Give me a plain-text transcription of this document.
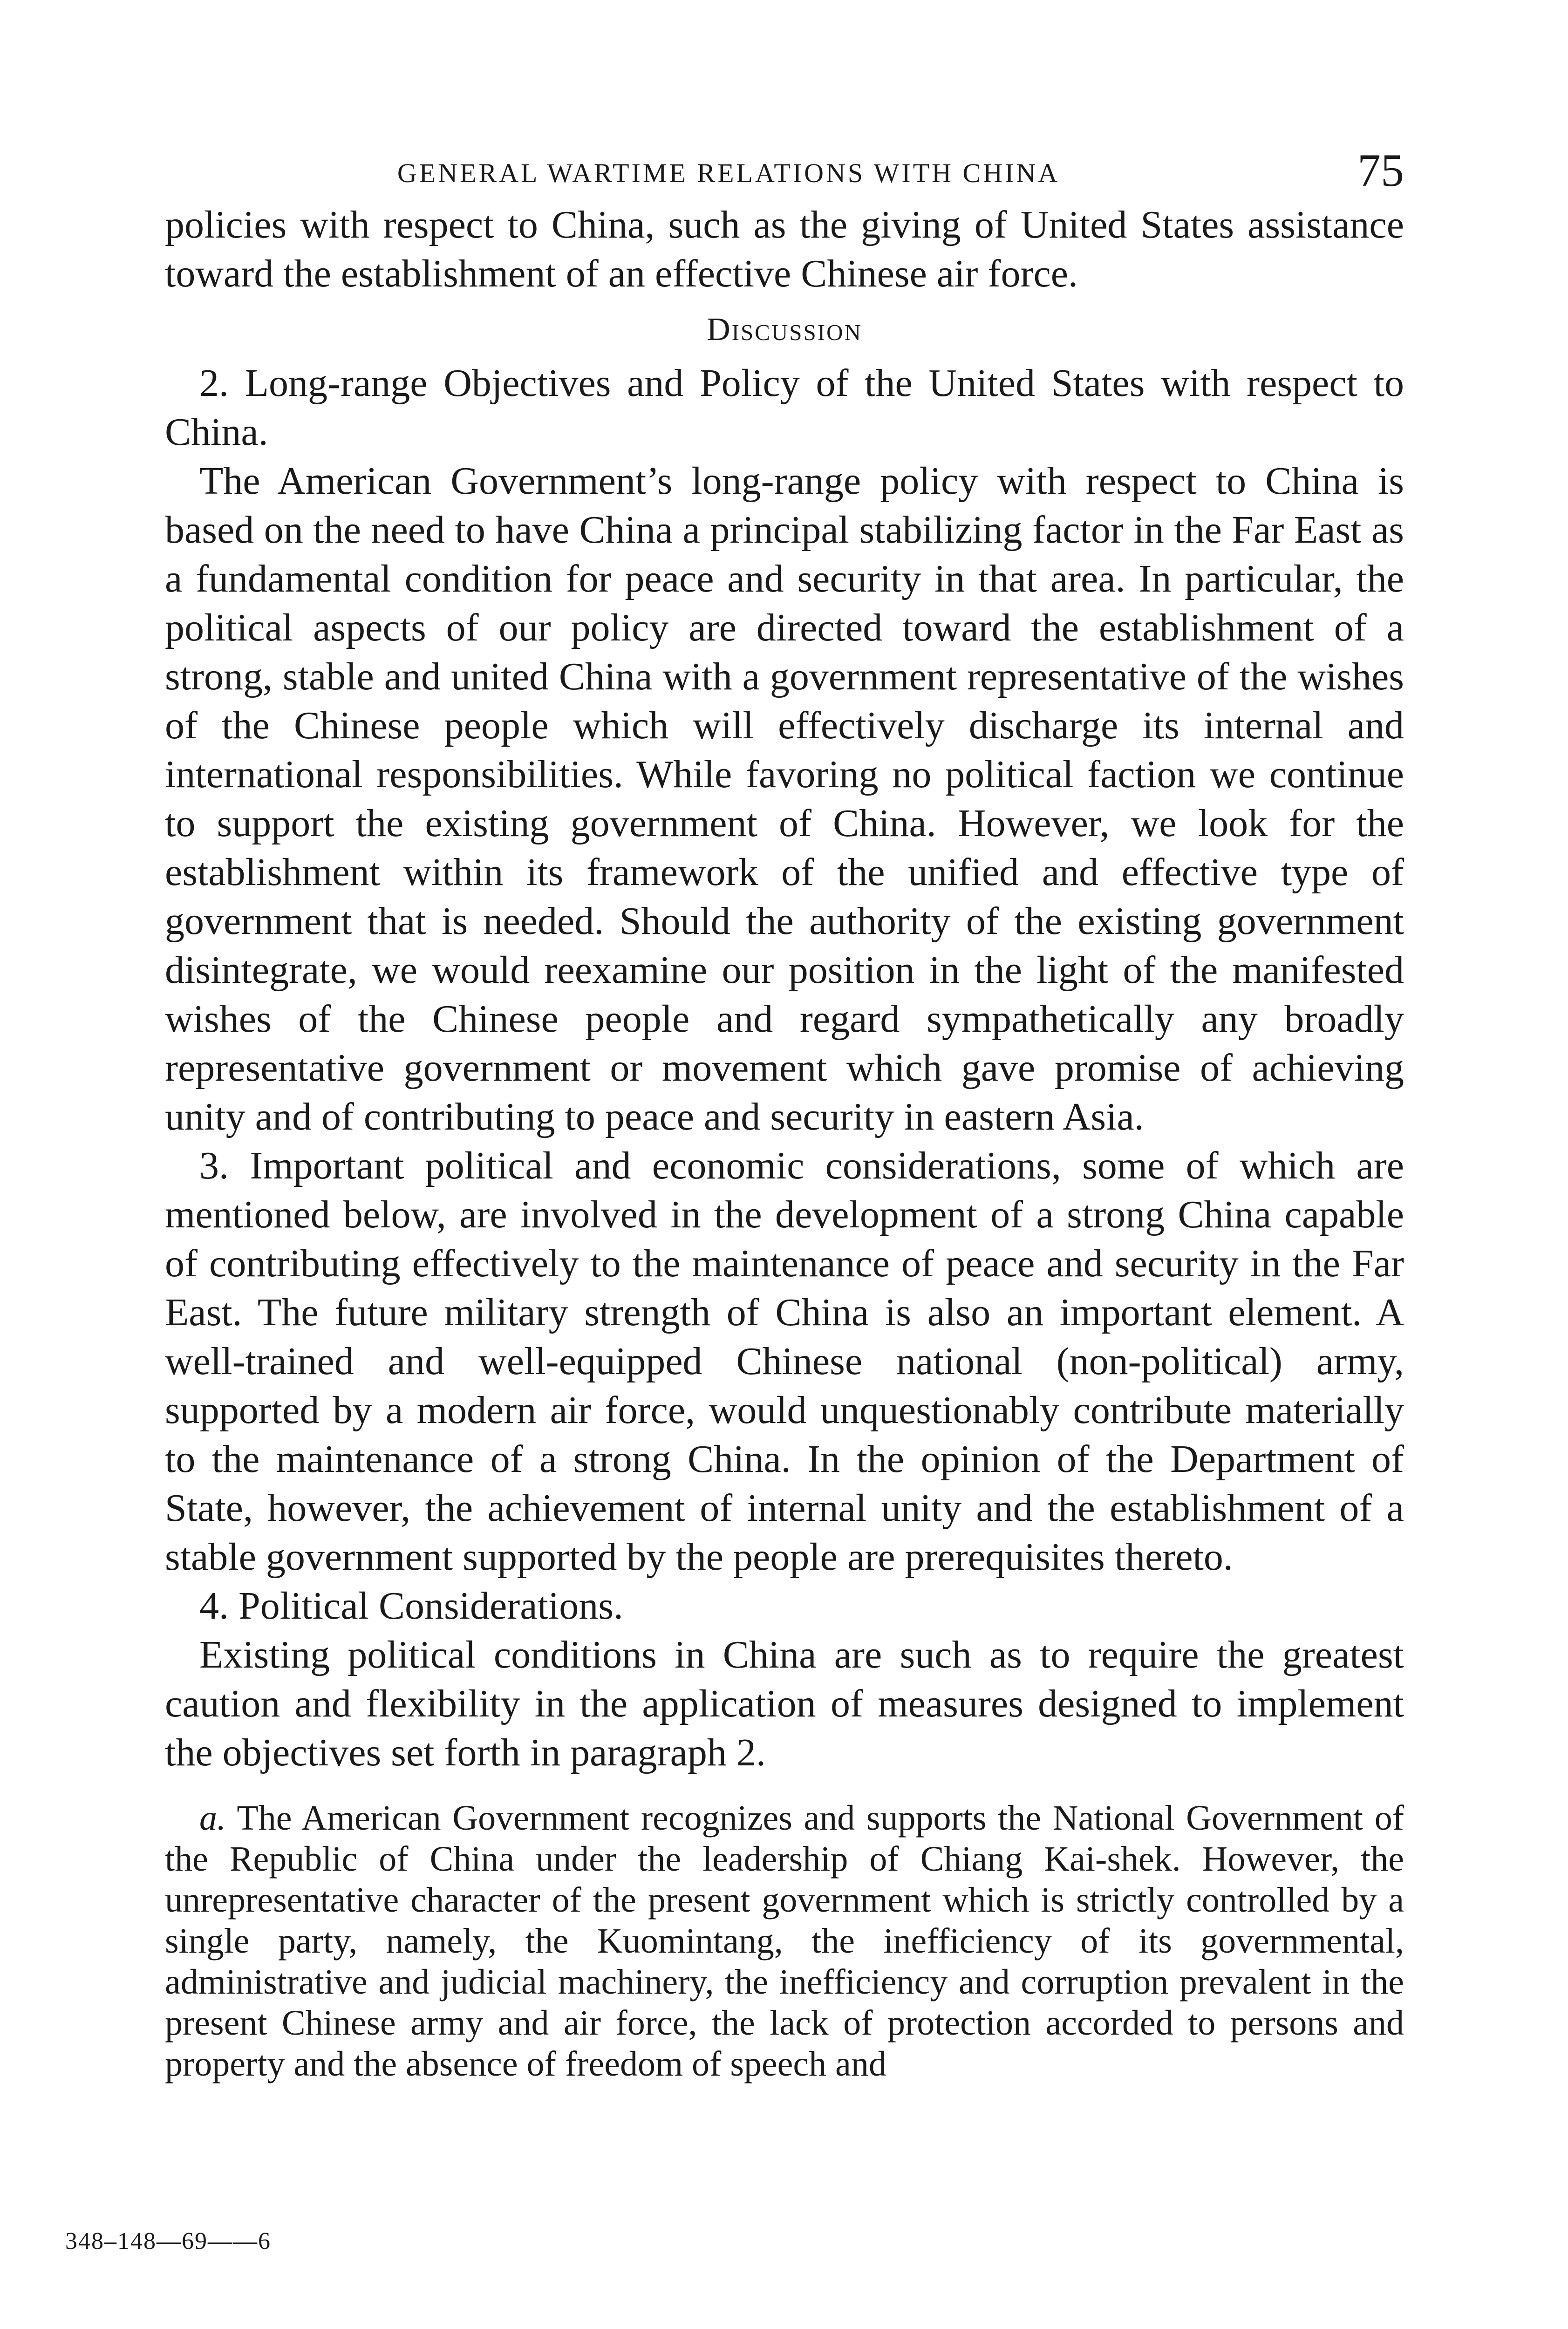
GENERAL WARTIME RELATIONS WITH CHINA	75

policies with respect to China, such as the giving of United States assistance toward the establishment of an effective Chinese air force.

Discussion

2. Long-range Objectives and Policy of the United States with respect to China.

The American Government’s long-range policy with respect to China is based on the need to have China a principal stabilizing factor in the Far East as a fundamental condition for peace and security in that area. In particular, the political aspects of our policy are directed toward the establishment of a strong, stable and united China with a government representative of the wishes of the Chinese people which will effectively discharge its internal and international responsibilities. While favoring no political faction we continue to support the existing government of China. However, we look for the establishment within its framework of the unified and effective type of government that is needed. Should the authority of the existing government disintegrate, we would reexamine our position in the light of the manifested wishes of the Chinese people and regard sympathetically any broadly representative government or movement which gave promise of achieving unity and of contributing to peace and security in eastern Asia.

3. Important political and economic considerations, some of which are mentioned below, are involved in the development of a strong China capable of contributing effectively to the maintenance of peace and security in the Far East. The future military strength of China is also an important element. A well-trained and well-equipped Chinese national (non-political) army, supported by a modern air force, would unquestionably contribute materially to the maintenance of a strong China. In the opinion of the Department of State, however, the achievement of internal unity and the establishment of a stable government supported by the people are prerequisites thereto.

4. Political Considerations.

Existing political conditions in China are such as to require the greatest caution and flexibility in the application of measures designed to implement the objectives set forth in paragraph 2.

a. The American Government recognizes and supports the National Government of the Republic of China under the leadership of Chiang Kai-shek. However, the unrepresentative character of the present government which is strictly controlled by a single party, namely, the Kuomintang, the inefficiency of its governmental, administrative and judicial machinery, the inefficiency and corruption prevalent in the present Chinese army and air force, the lack of protection accorded to persons and property and the absence of freedom of speech and

348–148—69——6
